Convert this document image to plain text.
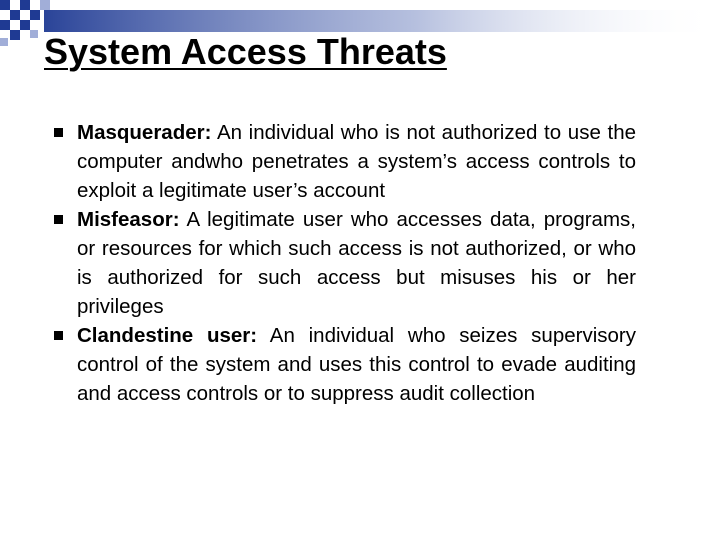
System Access Threats
Masquerader: An individual who is not authorized to use the computer andwho penetrates a system’s access controls to exploit a legitimate user’s account
Misfeasor: A legitimate user who accesses data, programs, or resources for which such access is not authorized, or who is authorized for such access but misuses his or her privileges
Clandestine user: An individual who seizes supervisory control of the system and uses this control to evade auditing and access controls or to suppress audit collection
